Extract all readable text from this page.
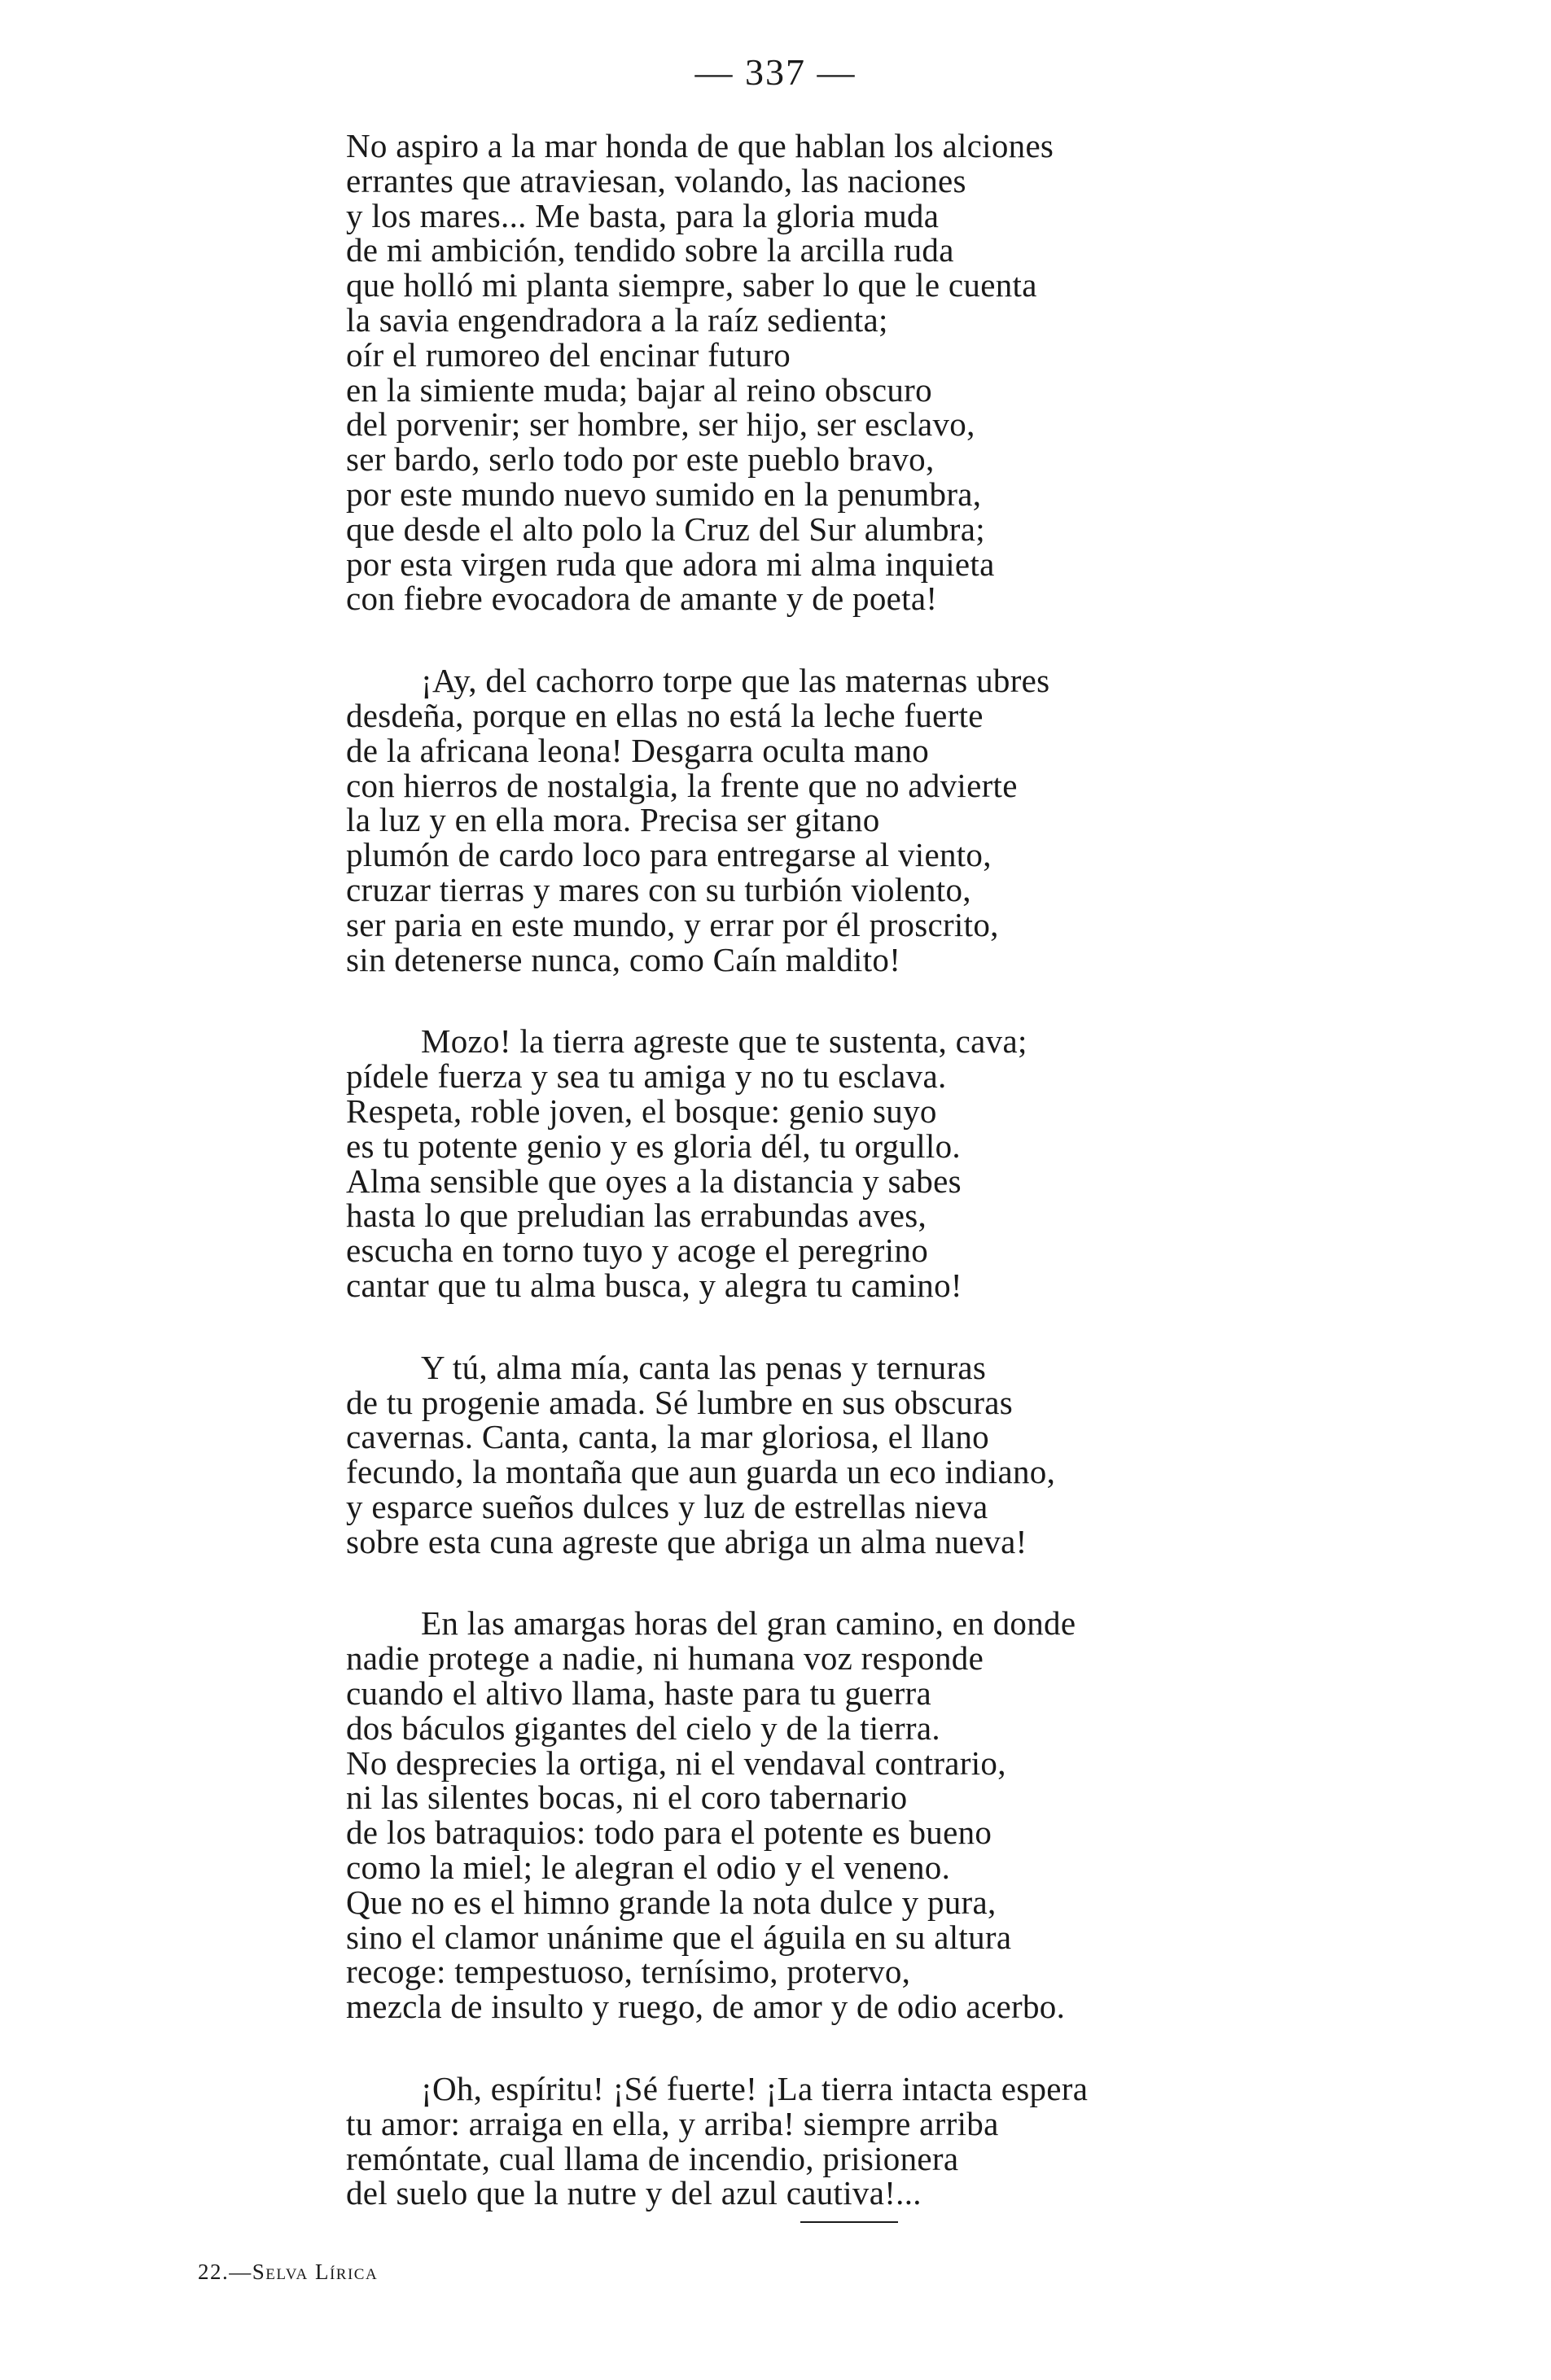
— 337 —
No aspiro a la mar honda de que hablan los alciones
errantes que atraviesan, volando, las naciones
y los mares... Me basta, para la gloria muda
de mi ambición, tendido sobre la arcilla ruda
que holló mi planta siempre, saber lo que le cuenta
la savia engendradora a la raíz sedienta;
oír el rumoreo del encinar futuro
en la simiente muda; bajar al reino obscuro
del porvenir; ser hombre, ser hijo, ser esclavo,
ser bardo, serlo todo por este pueblo bravo,
por este mundo nuevo sumido en la penumbra,
que desde el alto polo la Cruz del Sur alumbra;
por esta virgen ruda que adora mi alma inquieta
con fiebre evocadora de amante y de poeta!
¡Ay, del cachorro torpe que las maternas ubres
desdeña, porque en ellas no está la leche fuerte
de la africana leona! Desgarra oculta mano
con hierros de nostalgia, la frente que no advierte
la luz y en ella mora. Precisa ser gitano
plumón de cardo loco para entregarse al viento,
cruzar tierras y mares con su turbión violento,
ser paria en este mundo, y errar por él proscrito,
sin detenerse nunca, como Caín maldito!
Mozo! la tierra agreste que te sustenta, cava;
pídele fuerza y sea tu amiga y no tu esclava.
Respeta, roble joven, el bosque: genio suyo
es tu potente genio y es gloria dél, tu orgullo.
Alma sensible que oyes a la distancia y sabes
hasta lo que preludian las errabundas aves,
escucha en torno tuyo y acoge el peregrino
cantar que tu alma busca, y alegra tu camino!
Y tú, alma mía, canta las penas y ternuras
de tu progenie amada. Sé lumbre en sus obscuras
cavernas. Canta, canta, la mar gloriosa, el llano
fecundo, la montaña que aun guarda un eco indiano,
y esparce sueños dulces y luz de estrellas nieva
sobre esta cuna agreste que abriga un alma nueva!
En las amargas horas del gran camino, en donde
nadie protege a nadie, ni humana voz responde
cuando el altivo llama, haste para tu guerra
dos báculos gigantes del cielo y de la tierra.
No desprecies la ortiga, ni el vendaval contrario,
ni las silentes bocas, ni el coro tabernario
de los batraquios: todo para el potente es bueno
como la miel; le alegran el odio y el veneno.
Que no es el himno grande la nota dulce y pura,
sino el clamor unánime que el águila en su altura
recoge: tempestuoso, ternísimo, protervo,
mezcla de insulto y ruego, de amor y de odio acerbo.
¡Oh, espíritu! ¡Sé fuerte! ¡La tierra intacta espera
tu amor: arraiga en ella, y arriba! siempre arriba
remóntate, cual llama de incendio, prisionera
del suelo que la nutre y del azul cautiva!...
22.—Selva Lírica
